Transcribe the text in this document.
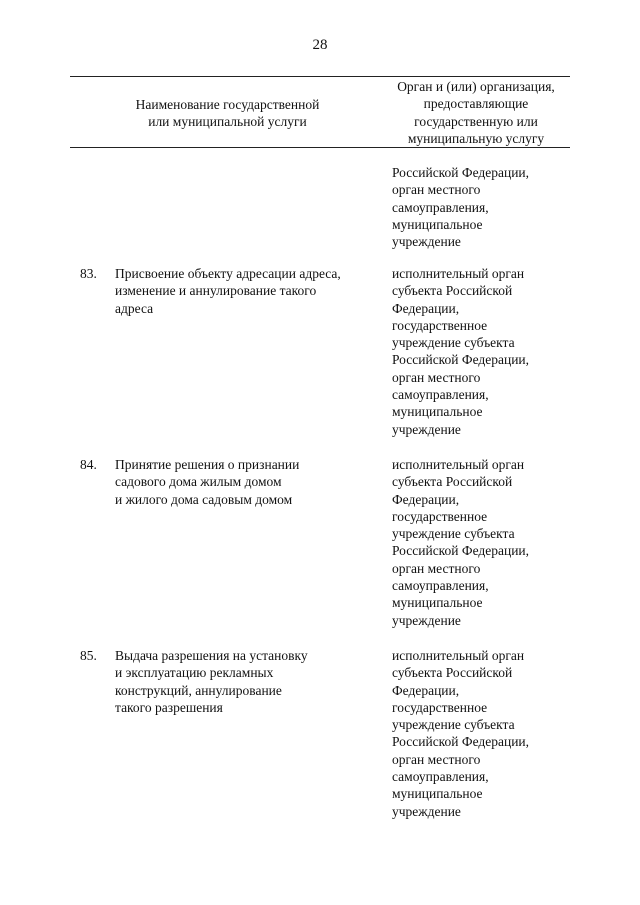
28
Наименование государственной
или муниципальной услуги
Орган и (или) организация,
предоставляющие
государственную или
муниципальную услугу
Российской Федерации,
орган местного
самоуправления,
муниципальное
учреждение
83. Присвоение объекту адресации адреса,
изменение и аннулирование такого
адреса
исполнительный орган
субъекта Российской
Федерации,
государственное
учреждение субъекта
Российской Федерации,
орган местного
самоуправления,
муниципальное
учреждение
84. Принятие решения о признании
садового дома жилым домом
и жилого дома садовым домом
исполнительный орган
субъекта Российской
Федерации,
государственное
учреждение субъекта
Российской Федерации,
орган местного
самоуправления,
муниципальное
учреждение
85. Выдача разрешения на установку
и эксплуатацию рекламных
конструкций, аннулирование
такого разрешения
исполнительный орган
субъекта Российской
Федерации,
государственное
учреждение субъекта
Российской Федерации,
орган местного
самоуправления,
муниципальное
учреждение
